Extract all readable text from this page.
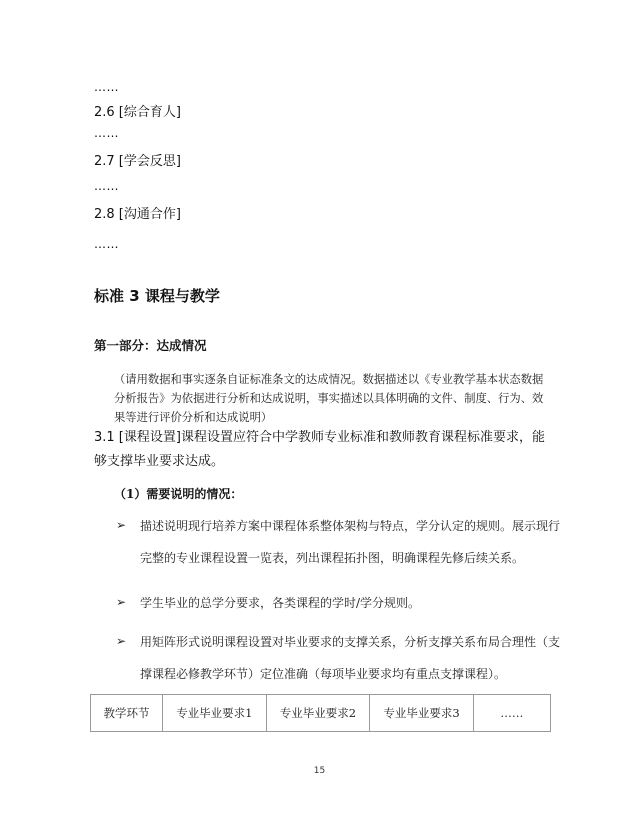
……
2.6 [综合育人]
……
2.7 [学会反思]
……
2.8 [沟通合作]
……
标准 3 课程与教学
第一部分：达成情况
（请用数据和事实逐条自证标准条文的达成情况。数据描述以《专业教学基本状态数据分析报告》为依据进行分析和达成说明，事实描述以具体明确的文件、制度、行为、效果等进行评价分析和达成说明）
3.1 [课程设置]课程设置应符合中学教师专业标准和教师教育课程标准要求，能够支撑毕业要求达成。
（1）需要说明的情况：
➢ 描述说明现行培养方案中课程体系整体架构与特点，学分认定的规则。展示现行完整的专业课程设置一览表，列出课程拓扑图，明确课程先修后续关系。
➢ 学生毕业的总学分要求，各类课程的学时/学分规则。
➢ 用矩阵形式说明课程设置对毕业要求的支撑关系，分析支撑关系布局合理性（支撑课程必修教学环节）定位准确（每项毕业要求均有重点支撑课程）。
教学环节	专业毕业要求1	专业毕业要求2	专业毕业要求3	……
15
